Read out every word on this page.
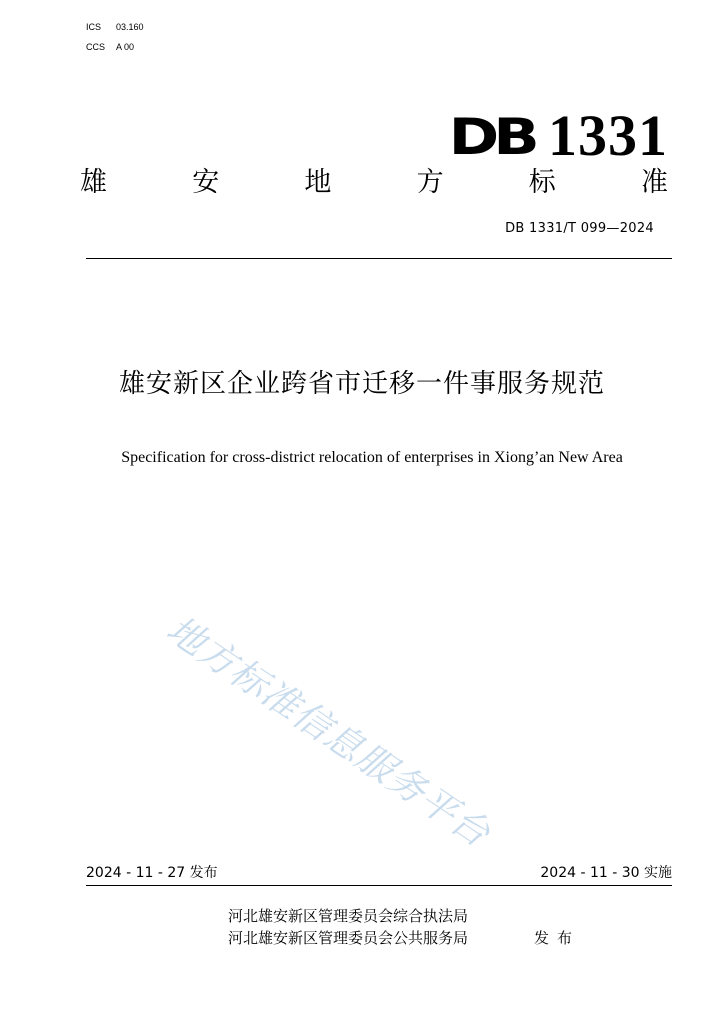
ICS 03.160
CCS A 00
DB 1331
雄	安	地	方	标	准
DB 1331/T 099—2024
雄安新区企业跨省市迁移一件事服务规范
Specification for cross-district relocation of enterprises in Xiong’an New Area
地方标准信息服务平台
2024 - 11 - 27 发布	2024 - 11 - 30 实施
河北雄安新区管理委员会综合执法局
河北雄安新区管理委员会公共服务局	发布
